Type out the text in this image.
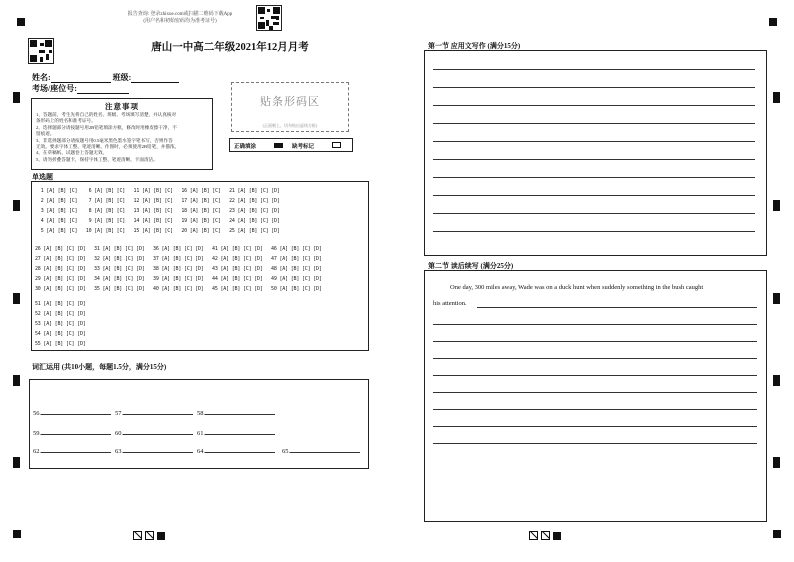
报告查询: 登录zhixue.com或扫描二维码下载App
(用户名和初始密码均为准考证号)
唐山一中高二年级2021年12月月考
姓名:	班级:
考场/座位号:
注意事项
1、答题前，考生先将自己的姓名、班级、考场填写清楚，并认真核对
条形码上的姓名和准考证号。
2、选择题部分请按题号用2B铅笔填涂方框，修改时用橡皮擦干净，不
留痕迹。
3、非选择题部分请按题号用0.5毫米黑色墨水签字笔书写，否则作答
无效。要求字体工整、笔迹清晰。作图时，必须使用2B铅笔，并描浓。
4、在草稿纸、试题卷上答题无效。
5、请勿折叠答题卡，保持字体工整、笔迹清晰、卡面清洁。
贴条形码区
(正面朝上，切勿贴出虚线方框)
正确填涂	缺考标记
单选题
1 [A] [B] [C]    6 [A] [B] [C]   11 [A] [B] [C]   16 [A] [B] [C]   21 [A] [B] [C] [D]
2 [A] [B] [C]    7 [A] [B] [C]   12 [A] [B] [C]   17 [A] [B] [C]   22 [A] [B] [C] [D]
3 [A] [B] [C]    8 [A] [B] [C]   13 [A] [B] [C]   18 [A] [B] [C]   23 [A] [B] [C] [D]
4 [A] [B] [C]    9 [A] [B] [C]   14 [A] [B] [C]   19 [A] [B] [C]   24 [A] [B] [C] [D]
5 [A] [B] [C]   10 [A] [B] [C]   15 [A] [B] [C]   20 [A] [B] [C]   25 [A] [B] [C] [D]
26 [A] [B] [C] [D]   31 [A] [B] [C] [D]   36 [A] [B] [C] [D]   41 [A] [B] [C] [D]   46 [A] [B] [C] [D]
27 [A] [B] [C] [D]   32 [A] [B] [C] [D]   37 [A] [B] [C] [D]   42 [A] [B] [C] [D]   47 [A] [B] [C] [D]
28 [A] [B] [C] [D]   33 [A] [B] [C] [D]   38 [A] [B] [C] [D]   43 [A] [B] [C] [D]   48 [A] [B] [C] [D]
29 [A] [B] [C] [D]   34 [A] [B] [C] [D]   39 [A] [B] [C] [D]   44 [A] [B] [C] [D]   49 [A] [B] [C] [D]
30 [A] [B] [C] [D]   35 [A] [B] [C] [D]   40 [A] [B] [C] [D]   45 [A] [B] [C] [D]   50 [A] [B] [C] [D]
51 [A] [B] [C] [D]
52 [A] [B] [C] [D]
53 [A] [B] [C] [D]
54 [A] [B] [C] [D]
55 [A] [B] [C] [D]
词汇运用 (共10小题，每题1.5分，满分15分)
56.	57.	58.
59.	60.	61.
62.	63.	64.	65.
第一节 应用文写作 (满分15分)
第二节 读后续写 (满分25分)
One day, 300 miles away, Wade was on a duck hunt when suddenly something in the bush caught
his attention.
